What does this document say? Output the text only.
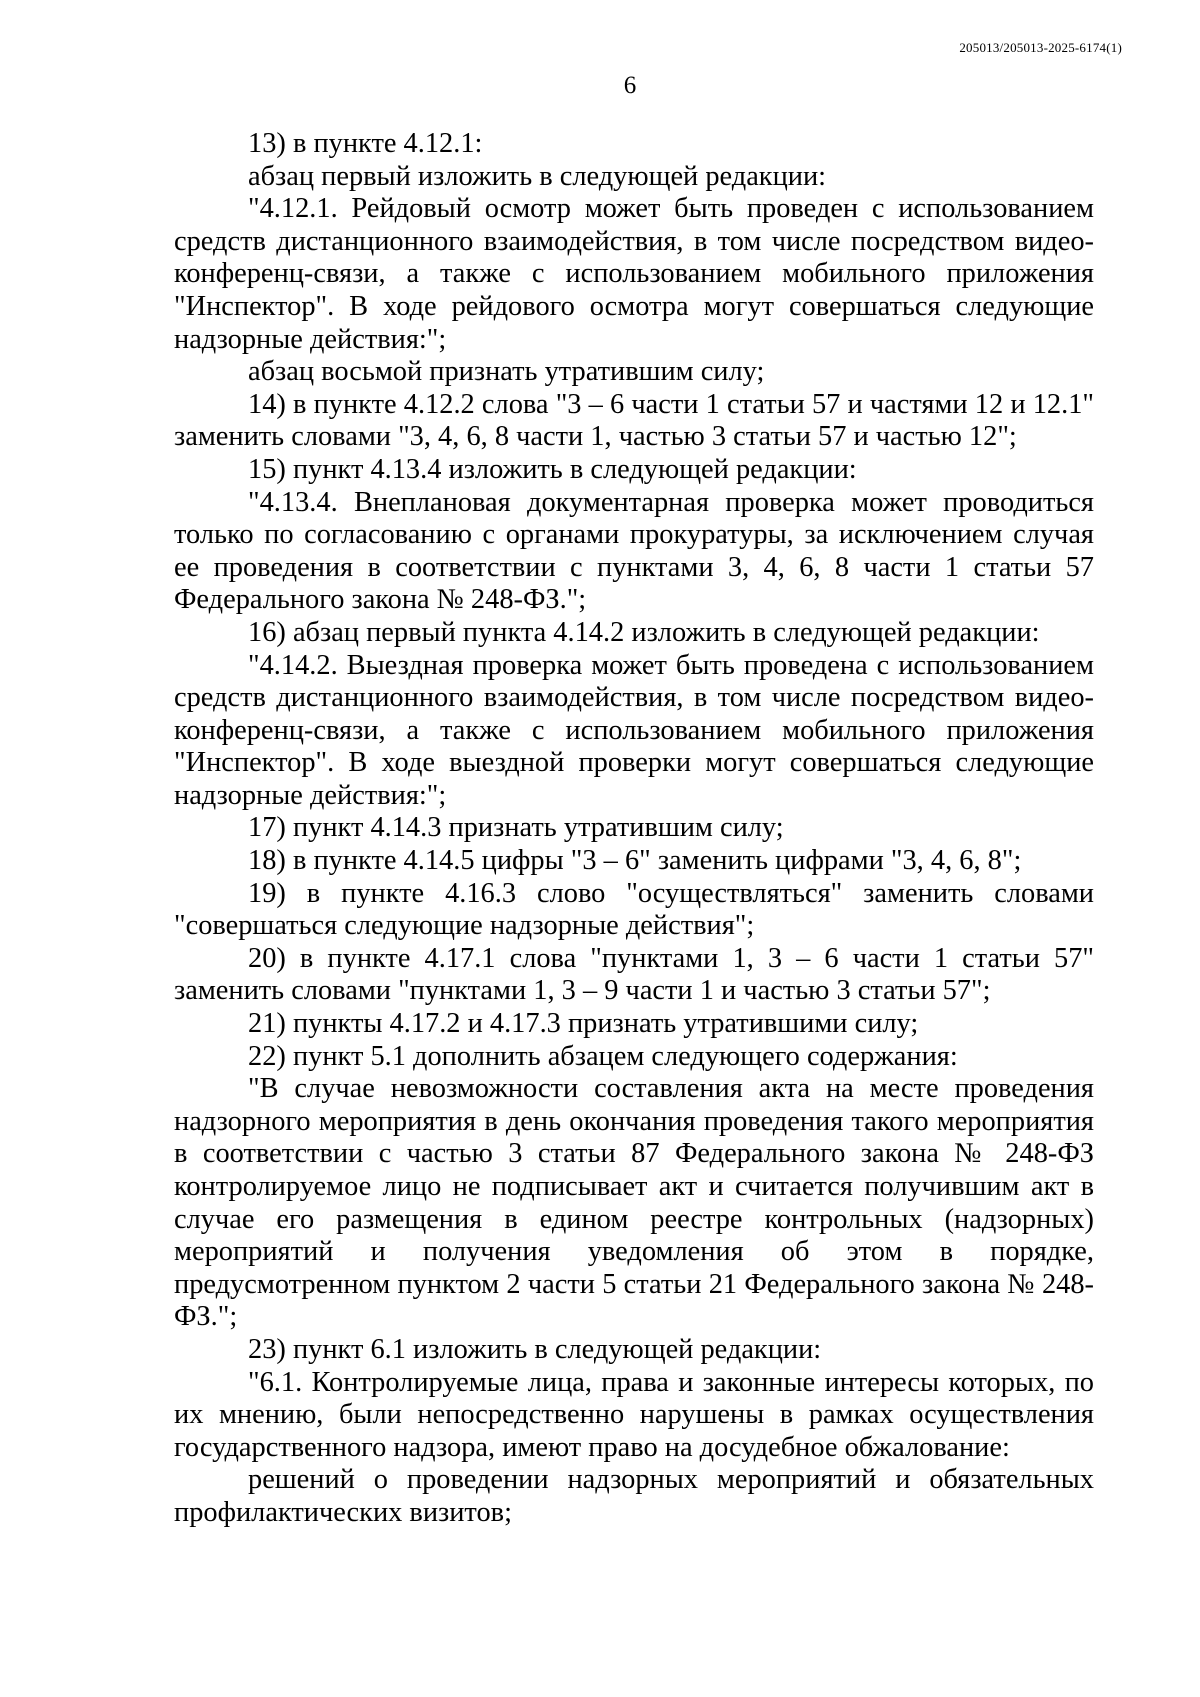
205013/205013-2025-6174(1)
6

13) в пункте 4.12.1:

абзац первый изложить в следующей редакции:

"4.12.1. Рейдовый осмотр может быть проведен с использованием средств дистанционного взаимодействия, в том числе посредством видео-конференц-связи, а также с использованием мобильного приложения "Инспектор". В ходе рейдового осмотра могут совершаться следующие надзорные действия:";

абзац восьмой признать утратившим силу;

14) в пункте 4.12.2 слова "3 – 6 части 1 статьи 57 и частями 12 и 12.1" заменить словами "3, 4, 6, 8 части 1, частью 3 статьи 57 и частью 12";

15) пункт 4.13.4 изложить в следующей редакции:

"4.13.4. Внеплановая документарная проверка может проводиться только по согласованию с органами прокуратуры, за исключением случая ее проведения в соответствии с пунктами 3, 4, 6, 8 части 1 статьи 57 Федерального закона № 248-ФЗ.";

16) абзац первый пункта 4.14.2 изложить в следующей редакции:

"4.14.2. Выездная проверка может быть проведена с использованием средств дистанционного взаимодействия, в том числе посредством видео-конференц-связи, а также с использованием мобильного приложения "Инспектор". В ходе выездной проверки могут совершаться следующие надзорные действия:";

17) пункт 4.14.3 признать утратившим силу;

18) в пункте 4.14.5 цифры "3 – 6" заменить цифрами "3, 4, 6, 8";

19) в пункте 4.16.3 слово "осуществляться" заменить словами "совершаться следующие надзорные действия";

20) в пункте 4.17.1 слова "пунктами 1, 3 – 6 части 1 статьи 57" заменить словами "пунктами 1, 3 – 9 части 1 и частью 3 статьи 57";

21) пункты 4.17.2 и 4.17.3 признать утратившими силу;

22) пункт 5.1 дополнить абзацем следующего содержания:

"В случае невозможности составления акта на месте проведения надзорного мероприятия в день окончания проведения такого мероприятия в соответствии с частью 3 статьи 87 Федерального закона № 248-ФЗ контролируемое лицо не подписывает акт и считается получившим акт в случае его размещения в едином реестре контрольных (надзорных) мероприятий и получения уведомления об этом в порядке, предусмотренном пунктом 2 части 5 статьи 21 Федерального закона № 248-ФЗ.";

23) пункт 6.1 изложить в следующей редакции:

"6.1. Контролируемые лица, права и законные интересы которых, по их мнению, были непосредственно нарушены в рамках осуществления государственного надзора, имеют право на досудебное обжалование:

решений о проведении надзорных мероприятий и обязательных профилактических визитов;
